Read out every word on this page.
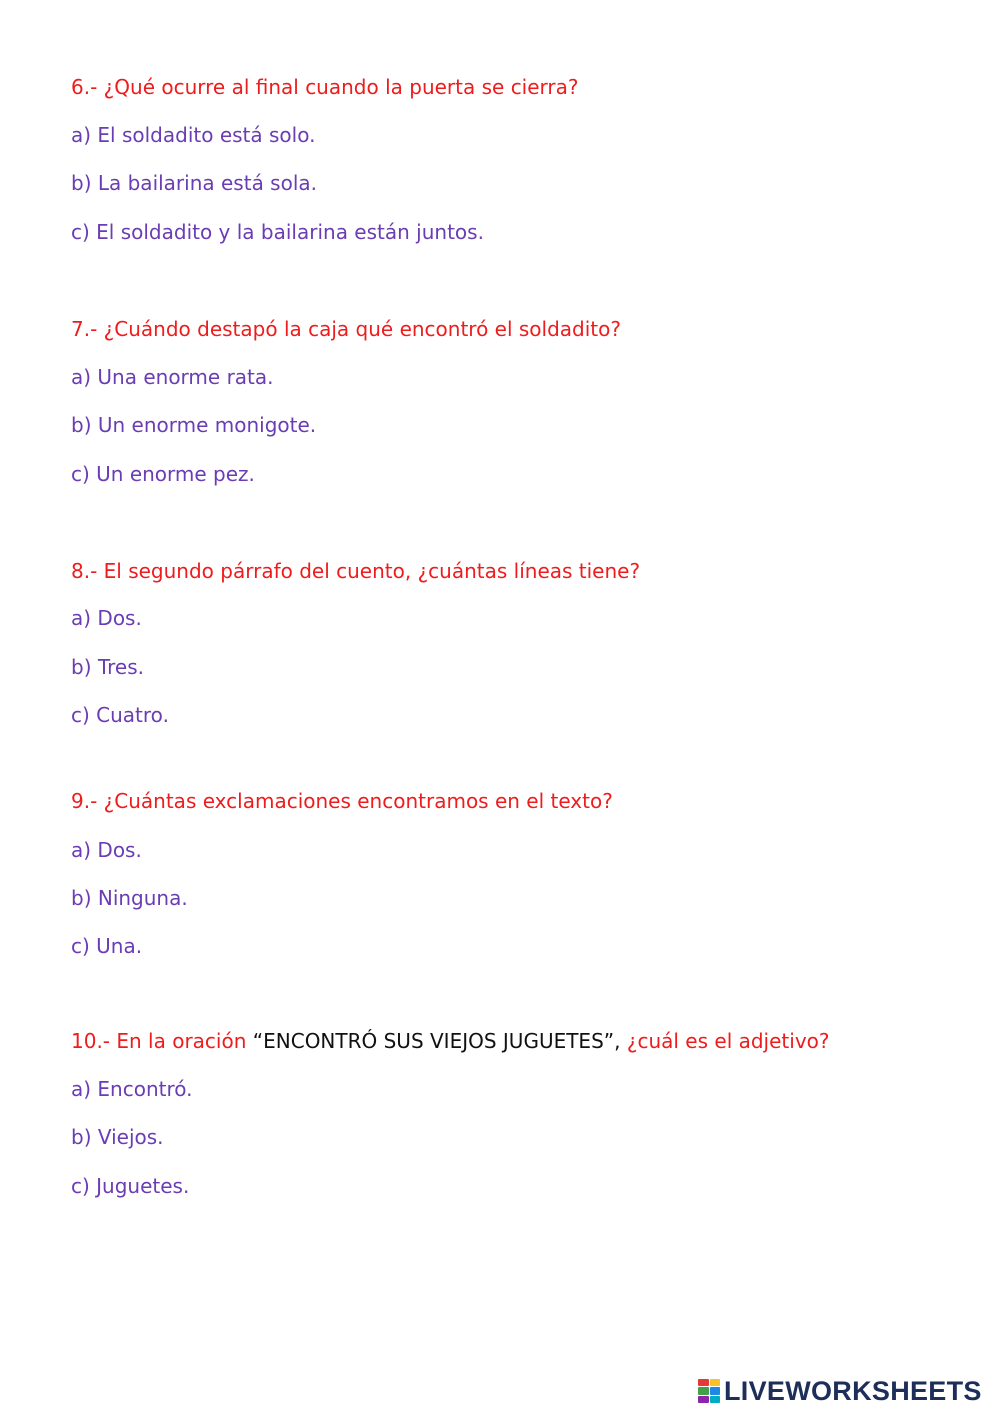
6.- ¿Qué ocurre al final cuando la puerta se cierra?
a) El soldadito está solo.
b) La bailarina está sola.
c) El soldadito y la bailarina están juntos.
7.- ¿Cuándo destapó la caja qué encontró el soldadito?
a) Una enorme rata.
b) Un enorme monigote.
c) Un enorme pez.
8.- El segundo párrafo del cuento, ¿cuántas líneas tiene?
a) Dos.
b) Tres.
c) Cuatro.
9.- ¿Cuántas exclamaciones encontramos en el texto?
a) Dos.
b) Ninguna.
c) Una.
10.- En la oración “ENCONTRÓ SUS VIEJOS JUGUETES”, ¿cuál es el adjetivo?
a) Encontró.
b) Viejos.
c) Juguetes.
LIVEWORKSHEETS
